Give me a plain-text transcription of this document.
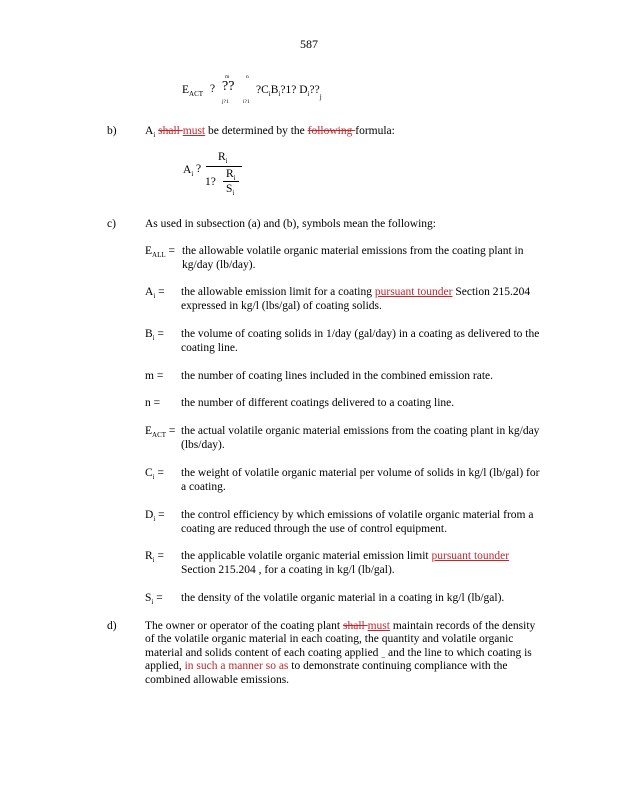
587
$E_{ACT}$ ? ??
m	n
j?1	i?1
$?C_iB_i?1$? $D_i??_j$
b) $A_i$ shall must be determined by the following formula:
$A_i$ ?
$R_i$
1?
$R_i$
$S_i$
c)	As used in subsection (a) and (b), symbols mean the following:
$E_{ALL}$ = the allowable volatile organic material emissions from the coating plant in kg/day (lb/day).
$A_i$ = the allowable emission limit for a coating pursuant tounder Section 215.204 expressed in kg/l (lbs/gal) of coating solids.
$B_i$ = the volume of coating solids in 1/day (gal/day) in a coating as delivered to the coating line.
m = the number of coating lines included in the combined emission rate.
n = the number of different coatings delivered to a coating line.
$E_{ACT}$ = the actual volatile organic material emissions from the coating plant in kg/day (lbs/day).
$C_i$ = the weight of volatile organic material per volume of solids in kg/l (lb/gal) for a coating.
$D_i$ = the control efficiency by which emissions of volatile organic material from a coating are reduced through the use of control equipment.
$R_i$ = the applicable volatile organic material emission limit pursuant tounder Section 215.204 , for a coating in kg/l (lb/gal).
$S_i$ = the density of the volatile organic material in a coating in kg/l (lb/gal).
d) The owner or operator of the coating plant shall must maintain records of the density of the volatile organic material in each coating, the quantity and volatile organic material and solids content of each coating applied ˍ and the line to which coating is applied, in such a manner so as to demonstrate continuing compliance with the combined allowable emissions.
